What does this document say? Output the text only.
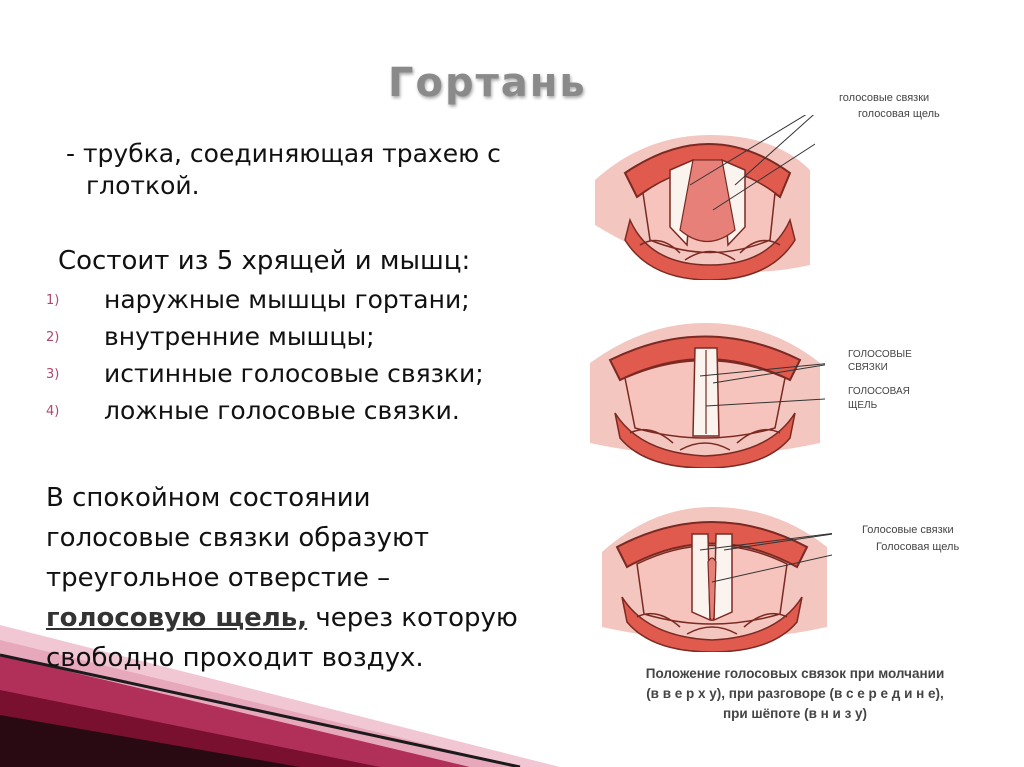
Гортань
- трубка, соединяющая трахею с
глоткой.
Состоит из 5 хрящей и мышц:
1) наружные мышцы гортани;
2) внутренние мышцы;
3) истинные голосовые связки;
4) ложные голосовые связки.
В спокойном состоянии
голосовые связки образуют
треугольное отверстие –
голосовую щель, через которую
свободно проходит воздух.
голосовые связки
голосовая щель
ГОЛОСОВЫЕ
СВЯЗКИ
ГОЛОСОВАЯ
ЩЕЛЬ
Голосовые связки
Голосовая щель
Положение голосовых связок при молчании
(в в е р х у), при разговоре (в с е р е д и н е),
при шёпоте (в н и з у)
